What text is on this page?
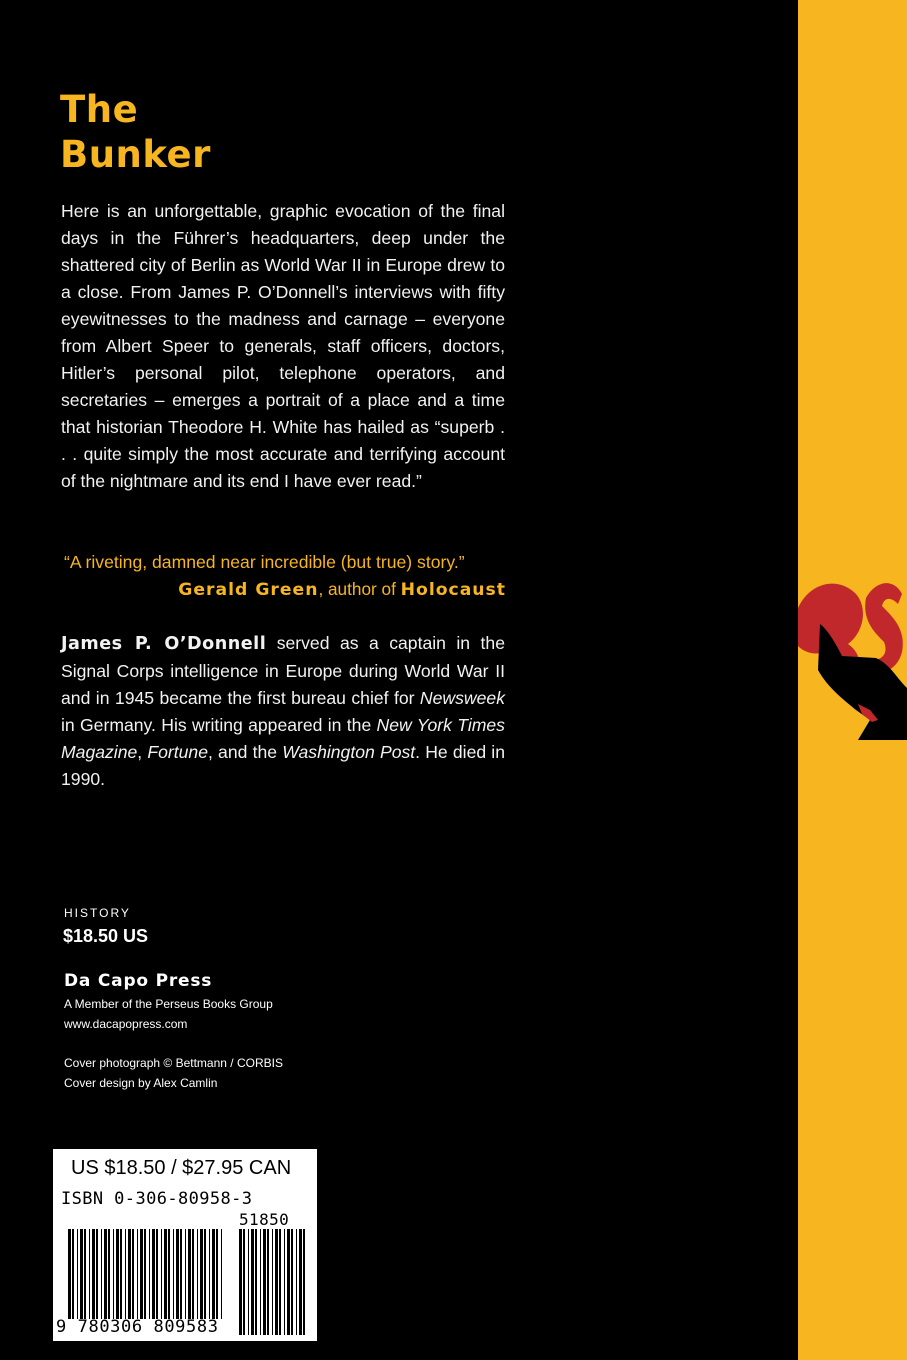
The
Bunker

Here is an unforgettable, graphic evocation of the final days in the Führer’s headquarters, deep under the shattered city of Berlin as World War II in Europe drew to a close. From James P. O’Donnell’s interviews with fifty eyewitnesses to the madness and carnage – everyone from Albert Speer to generals, staff officers, doctors, Hitler’s personal pilot, telephone operators, and secretaries – emerges a portrait of a place and a time that historian Theodore H. White has hailed as “superb . . . quite simply the most accurate and terrifying account of the nightmare and its end I have ever read.”

“A riveting, damned near incredible (but true) story.”

Gerald Green, author of Holocaust

James P. O’Donnell served as a captain in the Signal Corps intelligence in Europe during World War II and in 1945 became the first bureau chief for Newsweek in Germany. His writing appeared in the New York Times Magazine, Fortune, and the Washington Post. He died in 1990.

HISTORY
$18.50 US
Da Capo Press
A Member of the Perseus Books Group
www.dacapopress.com
Cover photograph © Bettmann / CORBIS
Cover design by Alex Camlin
US $18.50 / $27.95 CAN
ISBN 0-306-80958-3
51850
9 780306 809583
